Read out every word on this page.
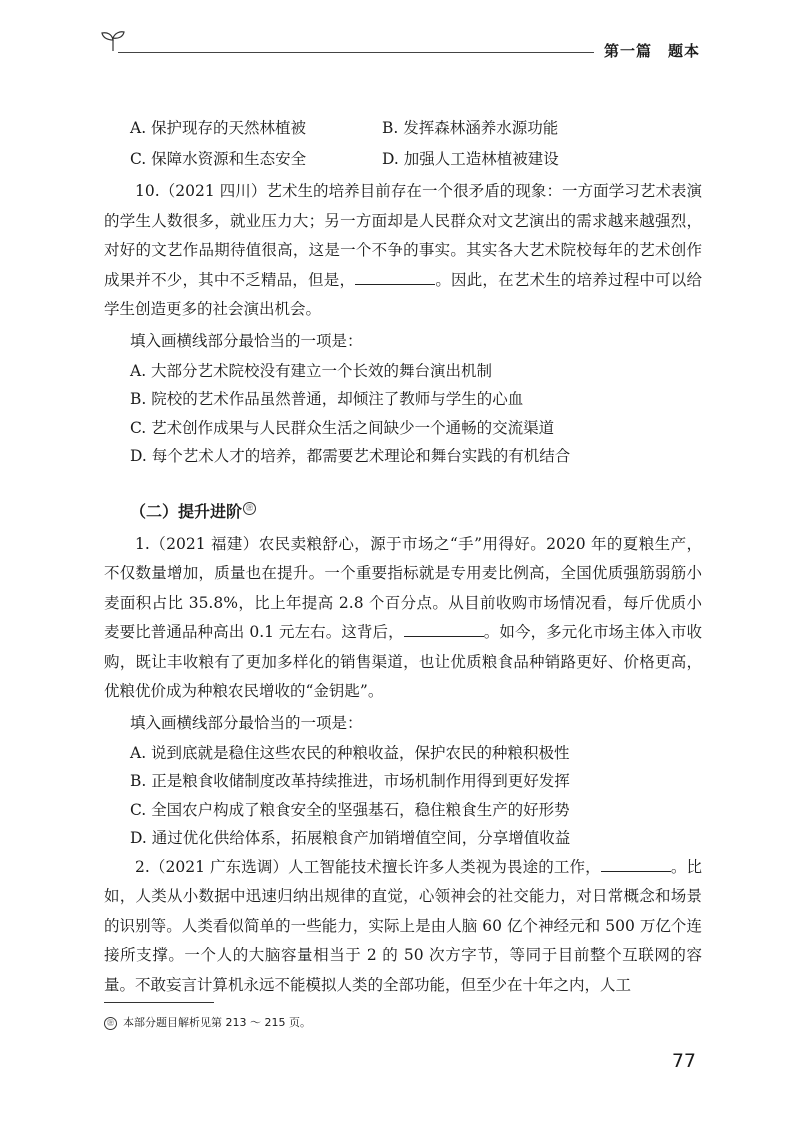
第一篇　题本
A. 保护现存的天然林植被	B. 发挥森林涵养水源功能
C. 保障水资源和生态安全	D. 加强人工造林植被建设

10.（2021 四川）艺术生的培养目前存在一个很矛盾的现象：一方面学习艺术表演的学生人数很多，就业压力大；另一方面却是人民群众对文艺演出的需求越来越强烈，对好的文艺作品期待值很高，这是一个不争的事实。其实各大艺术院校每年的艺术创作成果并不少，其中不乏精品，但是，	。因此，在艺术生的培养过程中可以给学生创造更多的社会演出机会。

填入画横线部分最恰当的一项是：
A. 大部分艺术院校没有建立一个长效的舞台演出机制
B. 院校的艺术作品虽然普通，却倾注了教师与学生的心血
C. 艺术创作成果与人民群众生活之间缺少一个通畅的交流渠道
D. 每个艺术人才的培养，都需要艺术理论和舞台实践的有机结合
（二）提升进阶 ㊟

1.（2021 福建）农民卖粮舒心，源于市场之“手”用得好。2020 年的夏粮生产，不仅数量增加，质量也在提升。一个重要指标就是专用麦比例高，全国优质强筋弱筋小麦面积占比 35.8%，比上年提高 2.8 个百分点。从目前收购市场情况看，每斤优质小麦要比普通品种高出 0.1 元左右。这背后，	。如今，多元化市场主体入市收购，既让丰收粮有了更加多样化的销售渠道，也让优质粮食品种销路更好、价格更高，优粮优价成为种粮农民增收的“金钥匙”。

填入画横线部分最恰当的一项是：
A. 说到底就是稳住这些农民的种粮收益，保护农民的种粮积极性
B. 正是粮食收储制度改革持续推进，市场机制作用得到更好发挥
C. 全国农户构成了粮食安全的坚强基石，稳住粮食生产的好形势
D. 通过优化供给体系，拓展粮食产加销增值空间，分享增值收益

2.（2021 广东选调）人工智能技术擅长许多人类视为畏途的工作，	。比如，人类从小数据中迅速归纳出规律的直觉，心领神会的社交能力，对日常概念和场景的识别等。人类看似简单的一些能力，实际上是由人脑 60 亿个神经元和 500 万亿个连接所支撑。一个人的大脑容量相当于 2 的 50 次方字节，等同于目前整个互联网的容量。不敢妄言计算机永远不能模拟人类的全部功能，但至少在十年之内，人工

㊟ 本部分题目解析见第 213 ～ 215 页。
77
